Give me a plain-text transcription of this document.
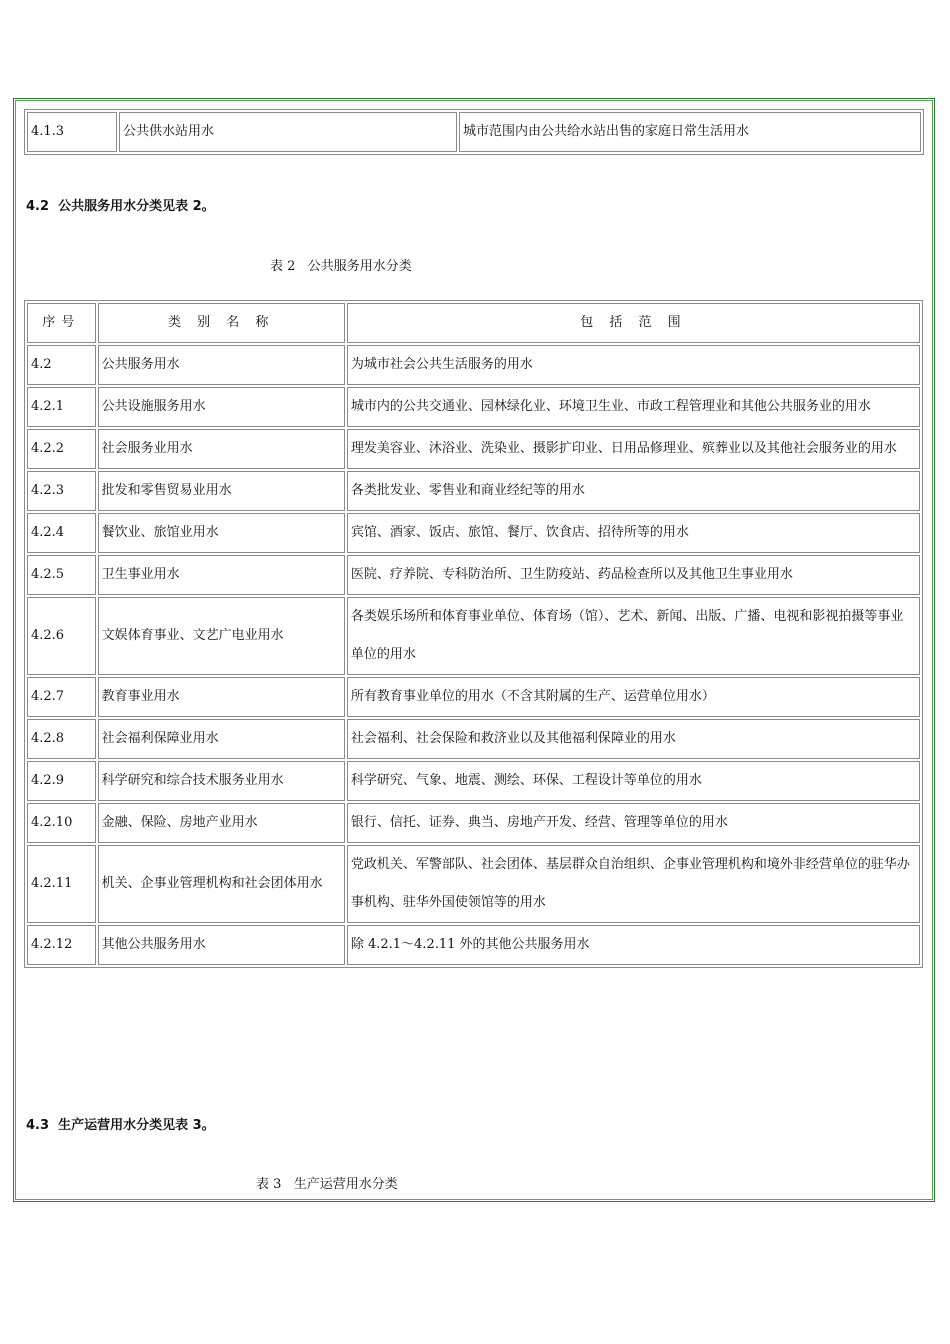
4.1.3	公共供水站用水	城市范围内由公共给水站出售的家庭日常生活用水
4.2  公共服务用水分类见表 2。
表 2   公共服务用水分类
序号	类 别 名 称	包 括 范 围
4.2	公共服务用水	为城市社会公共生活服务的用水
4.2.1	公共设施服务用水	城市内的公共交通业、园林绿化业、环境卫生业、市政工程管理业和其他公共服务业的用水
4.2.2	社会服务业用水	理发美容业、沐浴业、洗染业、摄影扩印业、日用品修理业、殡葬业以及其他社会服务业的用水
4.2.3	批发和零售贸易业用水	各类批发业、零售业和商业经纪等的用水
4.2.4	餐饮业、旅馆业用水	宾馆、酒家、饭店、旅馆、餐厅、饮食店、招待所等的用水
4.2.5	卫生事业用水	医院、疗养院、专科防治所、卫生防疫站、药品检查所以及其他卫生事业用水
4.2.6	文娱体育事业、文艺广电业用水	各类娱乐场所和体育事业单位、体育场（馆）、艺术、新闻、出版、广播、电视和影视拍摄等事业单位的用水
4.2.7	教育事业用水	所有教育事业单位的用水（不含其附属的生产、运营单位用水）
4.2.8	社会福利保障业用水	社会福利、社会保险和救济业以及其他福利保障业的用水
4.2.9	科学研究和综合技术服务业用水	科学研究、气象、地震、测绘、环保、工程设计等单位的用水
4.2.10	金融、保险、房地产业用水	银行、信托、证券、典当、房地产开发、经营、管理等单位的用水
4.2.11	机关、企事业管理机构和社会团体用水	党政机关、军警部队、社会团体、基层群众自治组织、企事业管理机构和境外非经营单位的驻华办事机构、驻华外国使领馆等的用水
4.2.12	其他公共服务用水	除 4.2.1～4.2.11 外的其他公共服务用水
4.3  生产运营用水分类见表 3。
表 3   生产运营用水分类
